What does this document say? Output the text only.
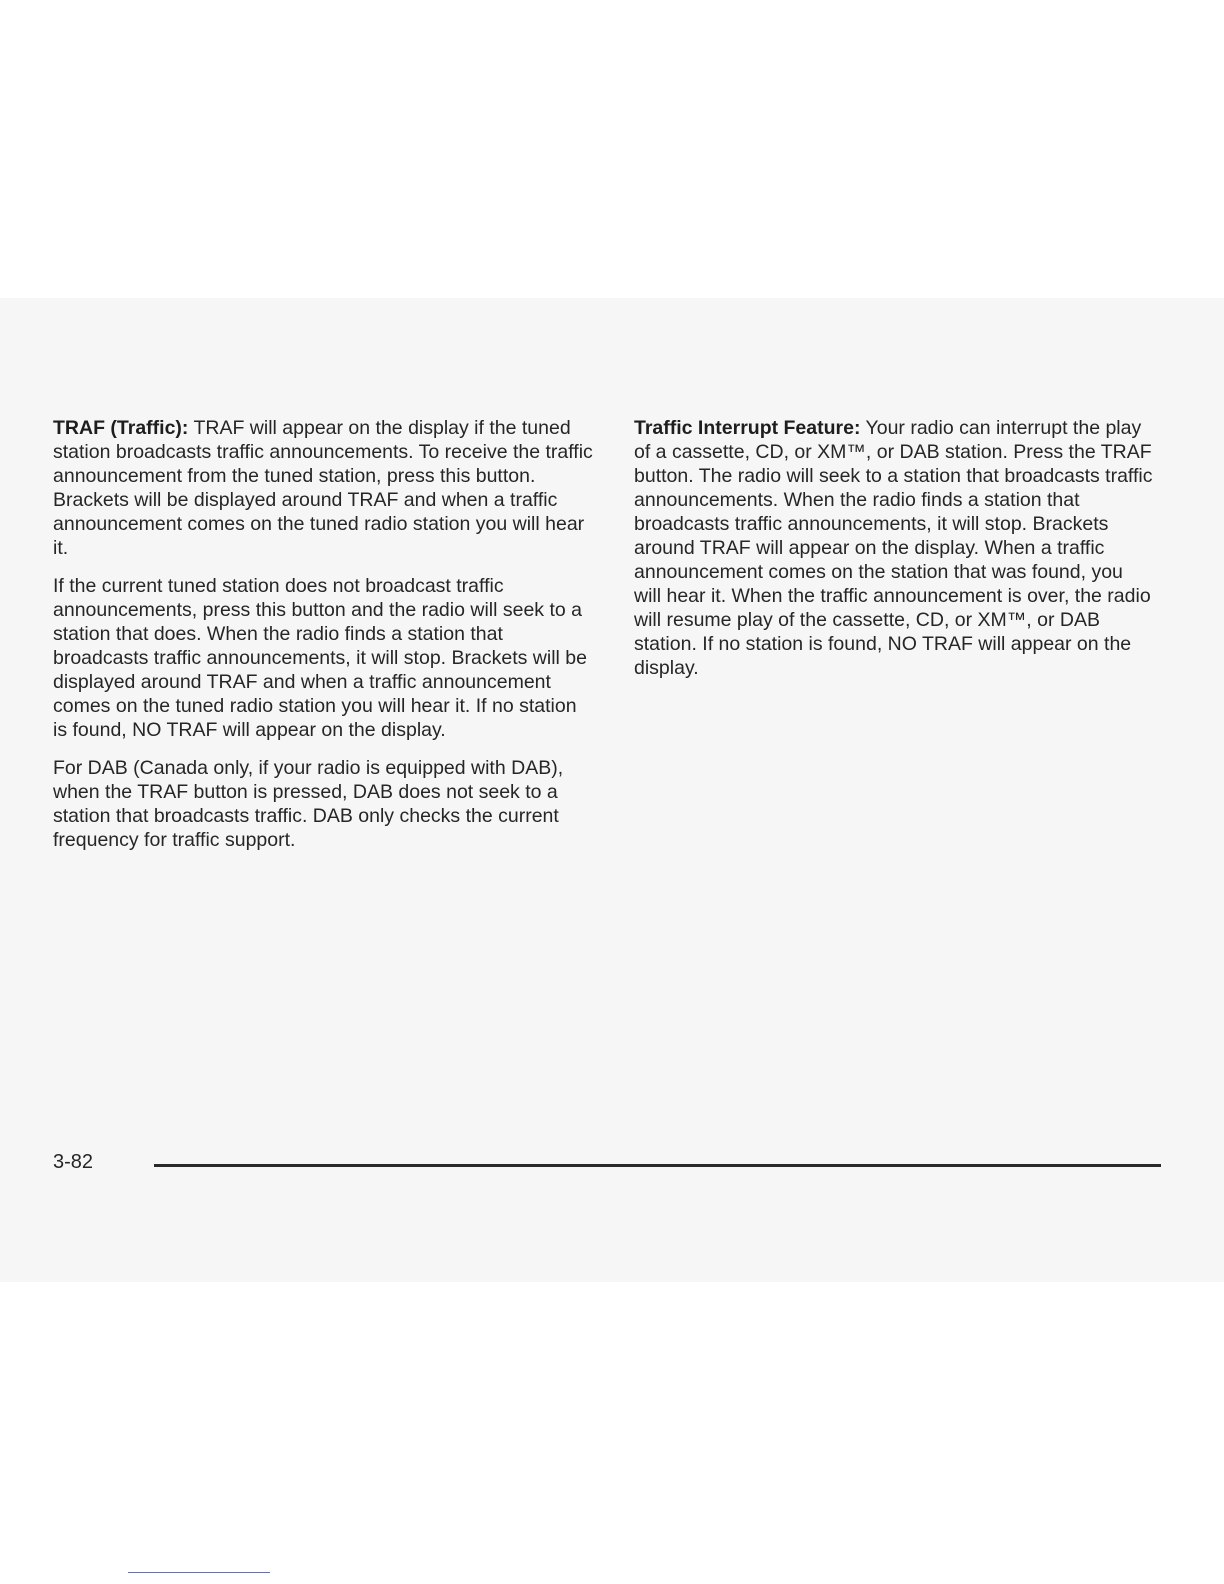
TRAF (Traffic): TRAF will appear on the display if the tuned station broadcasts traffic announcements. To receive the traffic announcement from the tuned station, press this button. Brackets will be displayed around TRAF and when a traffic announcement comes on the tuned radio station you will hear it.

If the current tuned station does not broadcast traffic announcements, press this button and the radio will seek to a station that does. When the radio finds a station that broadcasts traffic announcements, it will stop. Brackets will be displayed around TRAF and when a traffic announcement comes on the tuned radio station you will hear it. If no station is found, NO TRAF will appear on the display.

For DAB (Canada only, if your radio is equipped with DAB), when the TRAF button is pressed, DAB does not seek to a station that broadcasts traffic. DAB only checks the current frequency for traffic support.

Traffic Interrupt Feature: Your radio can interrupt the play of a cassette, CD, or XM™, or DAB station. Press the TRAF button. The radio will seek to a station that broadcasts traffic announcements. When the radio finds a station that broadcasts traffic announcements, it will stop. Brackets around TRAF will appear on the display. When a traffic announcement comes on the station that was found, you will hear it. When the traffic announcement is over, the radio will resume play of the cassette, CD, or XM™, or DAB station. If no station is found, NO TRAF will appear on the display.

3-82
